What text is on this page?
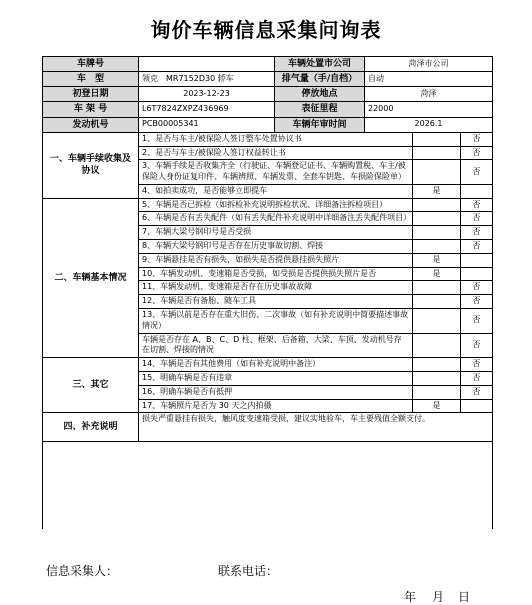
询价车辆信息采集问询表
车牌号		车辆处置市公司	菏泽市公司		
车　型	领克　MR7152D30 轿车	排气量（手/自档）	自动		
初登日期	2023-12-23	停放地点	菏泽		
车 架 号	L6T7824ZXPZ436969	表征里程	22000		
发动机号	PCB00005341	车辆年审时间	2026.1		
一、车辆手续收集及协议	1、是否与车主/被保险人签订整车处置协议书				否
	2、是否与车主/被保险人签订权益转让书				否
	3、车辆手续是否收集齐全（行驶证、车辆登记证书、车辆购置税、车主/被保险人身份证复印件、车辆辨照、车辆发票、全套车钥匙、车损险保险单）				否
	4、如拍卖成功，是否能够立即提车			是	
二、车辆基本情况	5、车辆是否已拆检（如拆检补充说明拆检状况、详细备注拆检项目）				否
	6、车辆是否有丢失配件（如有丢失配件补充说明中详细备注丢失配件项目）				否
	7、车辆大梁号钢印号是否受损				否
	8、车辆大梁号钢印号是否存在历史事故切割、焊接				否
	9、车辆悬挂是否有损失，如损失是否提供悬挂损失照片			是	
	10、车辆发动机、变速箱是否受损，如受损是否提供损失照片是否			是	
	11、车辆发动机、变速箱是否存在历史事故故障				否
	12、车辆是否有备胎、随车工具				否
	13、车辆以前是否存在重大旧伤、二次事故（如有补充说明中简要描述事故情况）				否
	车辆是否存在 A、B、C、D 柱、框架、后备箱、大梁、车顶、发动机号存在切割、焊接的情况				否
三、其它	14、车辆是否有其他费用（如有补充说明中备注）				否
	15、明确车辆是否有违章				否
	16、明确车辆是否有抵押				否
	17、车辆照片是否为 30 天之内拍摄			是	
四、补充说明	损失严重悬挂有损失，触风度变速箱受损，建议实地验车，车主要残值全额支付。				

信息采集人：	联系电话：
年 月 日
